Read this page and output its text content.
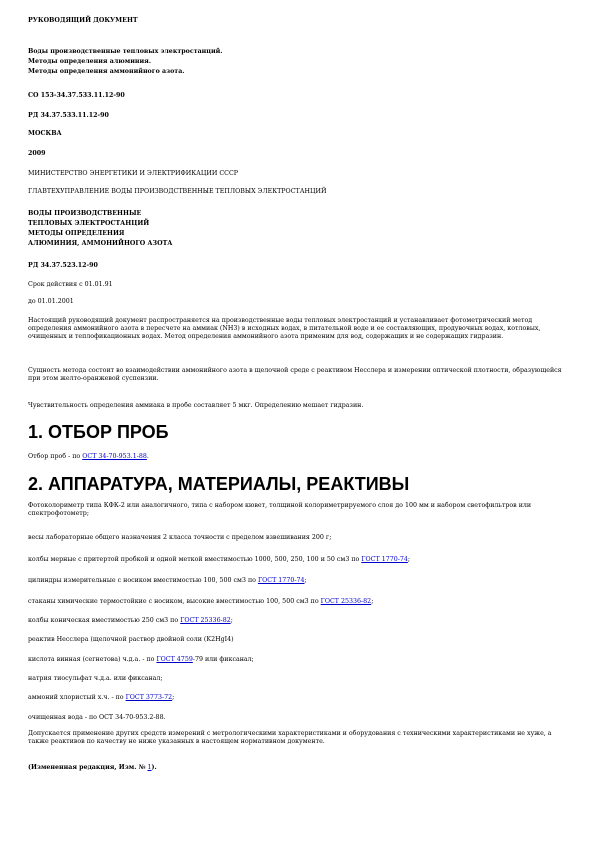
РУКОВОДЯЩИЙ ДОКУМЕНТ
Воды производственные тепловых электростанций.
Методы определения алюминия.
Методы определения аммонийного азота.
СО 153-34.37.533.11.12-90
РД 34.37.533.11.12-90
МОСКВА
2009
МИНИСТЕРСТВО ЭНЕРГЕТИКИ И ЭЛЕКТРИФИКАЦИИ СССР
ГЛАВТЕХУПРАВЛЕНИЕ ВОДЫ ПРОИЗВОДСТВЕННЫЕ ТЕПЛОВЫХ ЭЛЕКТРОСТАНЦИЙ
ВОДЫ ПРОИЗВОДСТВЕННЫЕ
ТЕПЛОВЫХ ЭЛЕКТРОСТАНЦИЙ
МЕТОДЫ ОПРЕДЕЛЕНИЯ
АЛЮМИНИЯ, АММОНИЙНОГО АЗОТА
РД 34.37.523.12-90
Срок действия с 01.01.91
до 01.01.2001
Настоящий руководящий документ распространяется на производственные воды тепловых электростанций и устанавливает фотометрический метод определения аммонийного азота в пересчете на аммиак (NH3) в исходных водах, в питательной воде и ее составляющих, продувочных водах, котловых, очищенных и теплофикационных водах. Метод определения аммонийного азота применим для вод, содержащих и не содержащих гидразин.
Сущность метода состоит во взаимодействии аммонийного азота в щелочной среде с реактивом Несслера и измерении оптической плотности, образующейся при этом желто-оранжевой суспензии.
Чувствительность определения аммиака в пробе составляет 5 мкг. Определению мешает гидразин.
1. ОТБОР ПРОБ
Отбор проб - по ОСТ 34-70-953.1-88.
2. АППАРАТУРА, МАТЕРИАЛЫ, РЕАКТИВЫ
Фотоколориметр типа КФК-2 или аналогичного, типа с набором кювет, толщиной колориметрируемого слоя до 100 мм и набором светофильтров или спектрофотометр;
весы лабораторные общего назначения 2 класса точности с пределом взвешивания 200 г;
колбы мерные с притертой пробкой и одной меткой вместимостью 1000, 500, 250, 100 и 50 см3 по ГОСТ 1770-74;
цилиндры измерительные с носиком вместимостью 100, 500 см3 по ГОСТ 1770-74;
стаканы химические термостойкие с носиком, высокие вместимостью 100, 500 см3 по ГОСТ 25336-82;
колбы коническая вместимостью 250 см3 по ГОСТ 25336-82;
реактив Несслера (щелочной раствор двойной соли (K2HgI4)
кислота винная (сегнетова) ч.д.а. - по ГОСТ 4759-79 или фиксанал;
натрия тиосульфат ч.д.а. или фиксанал;
аммоний хлористый х.ч. - по ГОСТ 3773-72;
очищенная вода - по ОСТ 34-70-953.2-88.
Допускается применение других средств измерений с метрологическими характеристиками и оборудования с техническими характеристиками не хуже, а также реактивов по качеству не ниже указанных в настоящем нормативном документе.
(Измененная редакция, Изм. № 1).
